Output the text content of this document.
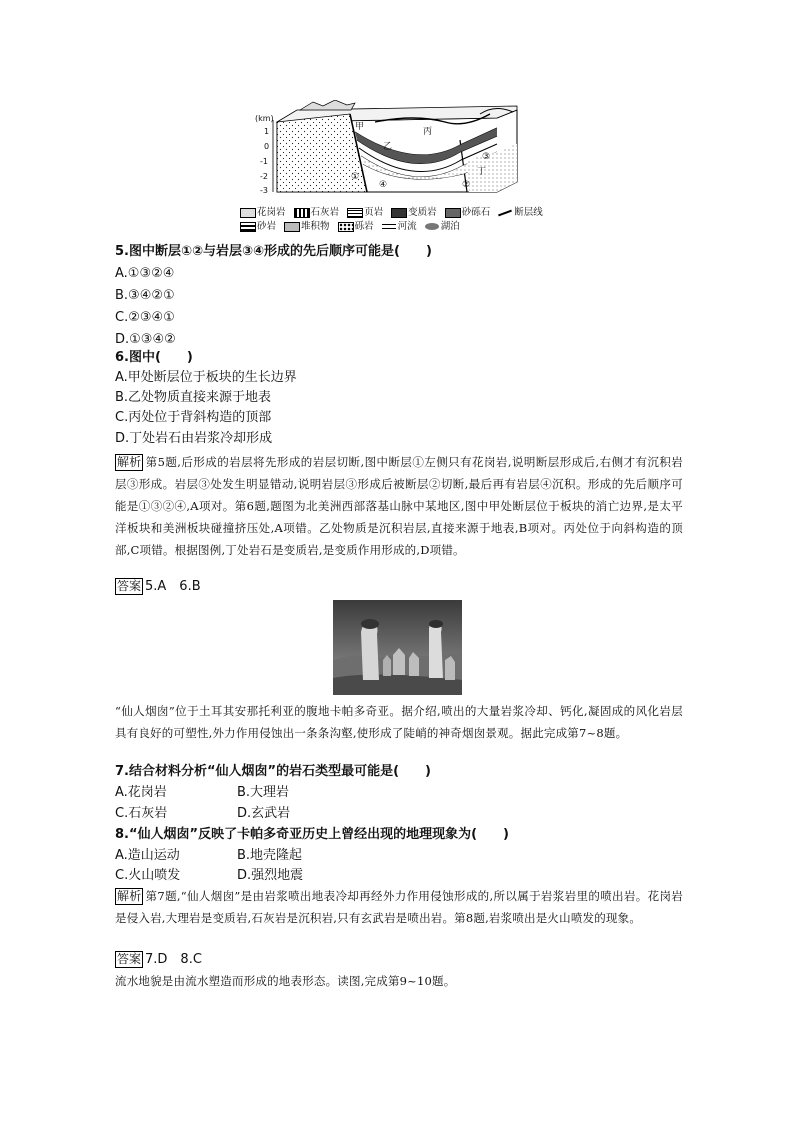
(km)
1
0
-1
-2
-3
甲	丙
乙
丁
①
④
③
②
花岗岩	石灰岩	页岩	变质岩	砂砾石	断层线
砂岩	堆积物	砾岩	河流	湖泊
5.图中断层①②与岩层③④形成的先后顺序可能是(　　)
A.①③②④
B.③④②①
C.②③④①
D.①③④②
6.图中(　　)
A.甲处断层位于板块的生长边界
B.乙处物质直接来源于地表
C.丙处位于背斜构造的顶部
D.丁处岩石由岩浆冷却形成
解析 第5题,后形成的岩层将先形成的岩层切断,图中断层①左侧只有花岗岩,说明断层形成后,右侧才有沉积岩层③形成。岩层③处发生明显错动,说明岩层③形成后被断层②切断,最后再有岩层④沉积。形成的先后顺序可能是①③②④,A项对。第6题,题图为北美洲西部落基山脉中某地区,图中甲处断层位于板块的消亡边界,是太平洋板块和美洲板块碰撞挤压处,A项错。乙处物质是沉积岩层,直接来源于地表,B项对。丙处位于向斜构造的顶部,C项错。根据图例,丁处岩石是变质岩,是变质作用形成的,D项错。
答案 5.A　6.B
“仙人烟囱”位于土耳其安那托利亚的腹地卡帕多奇亚。据介绍,喷出的大量岩浆冷却、钙化,凝固成的风化岩层具有良好的可塑性,外力作用侵蚀出一条条沟壑,使形成了陡峭的神奇烟囱景观。据此完成第7~8题。
7.结合材料分析“仙人烟囱”的岩石类型最可能是(　　)
A.花岗岩	B.大理岩
C.石灰岩	D.玄武岩
8.“仙人烟囱”反映了卡帕多奇亚历史上曾经出现的地理现象为(　　)
A.造山运动	B.地壳隆起
C.火山喷发	D.强烈地震
解析 第7题,“仙人烟囱”是由岩浆喷出地表冷却再经外力作用侵蚀形成的,所以属于岩浆岩里的喷出岩。花岗岩是侵入岩,大理岩是变质岩,石灰岩是沉积岩,只有玄武岩是喷出岩。第8题,岩浆喷出是火山喷发的现象。
答案 7.D　8.C
流水地貌是由流水塑造而形成的地表形态。读图,完成第9~10题。
